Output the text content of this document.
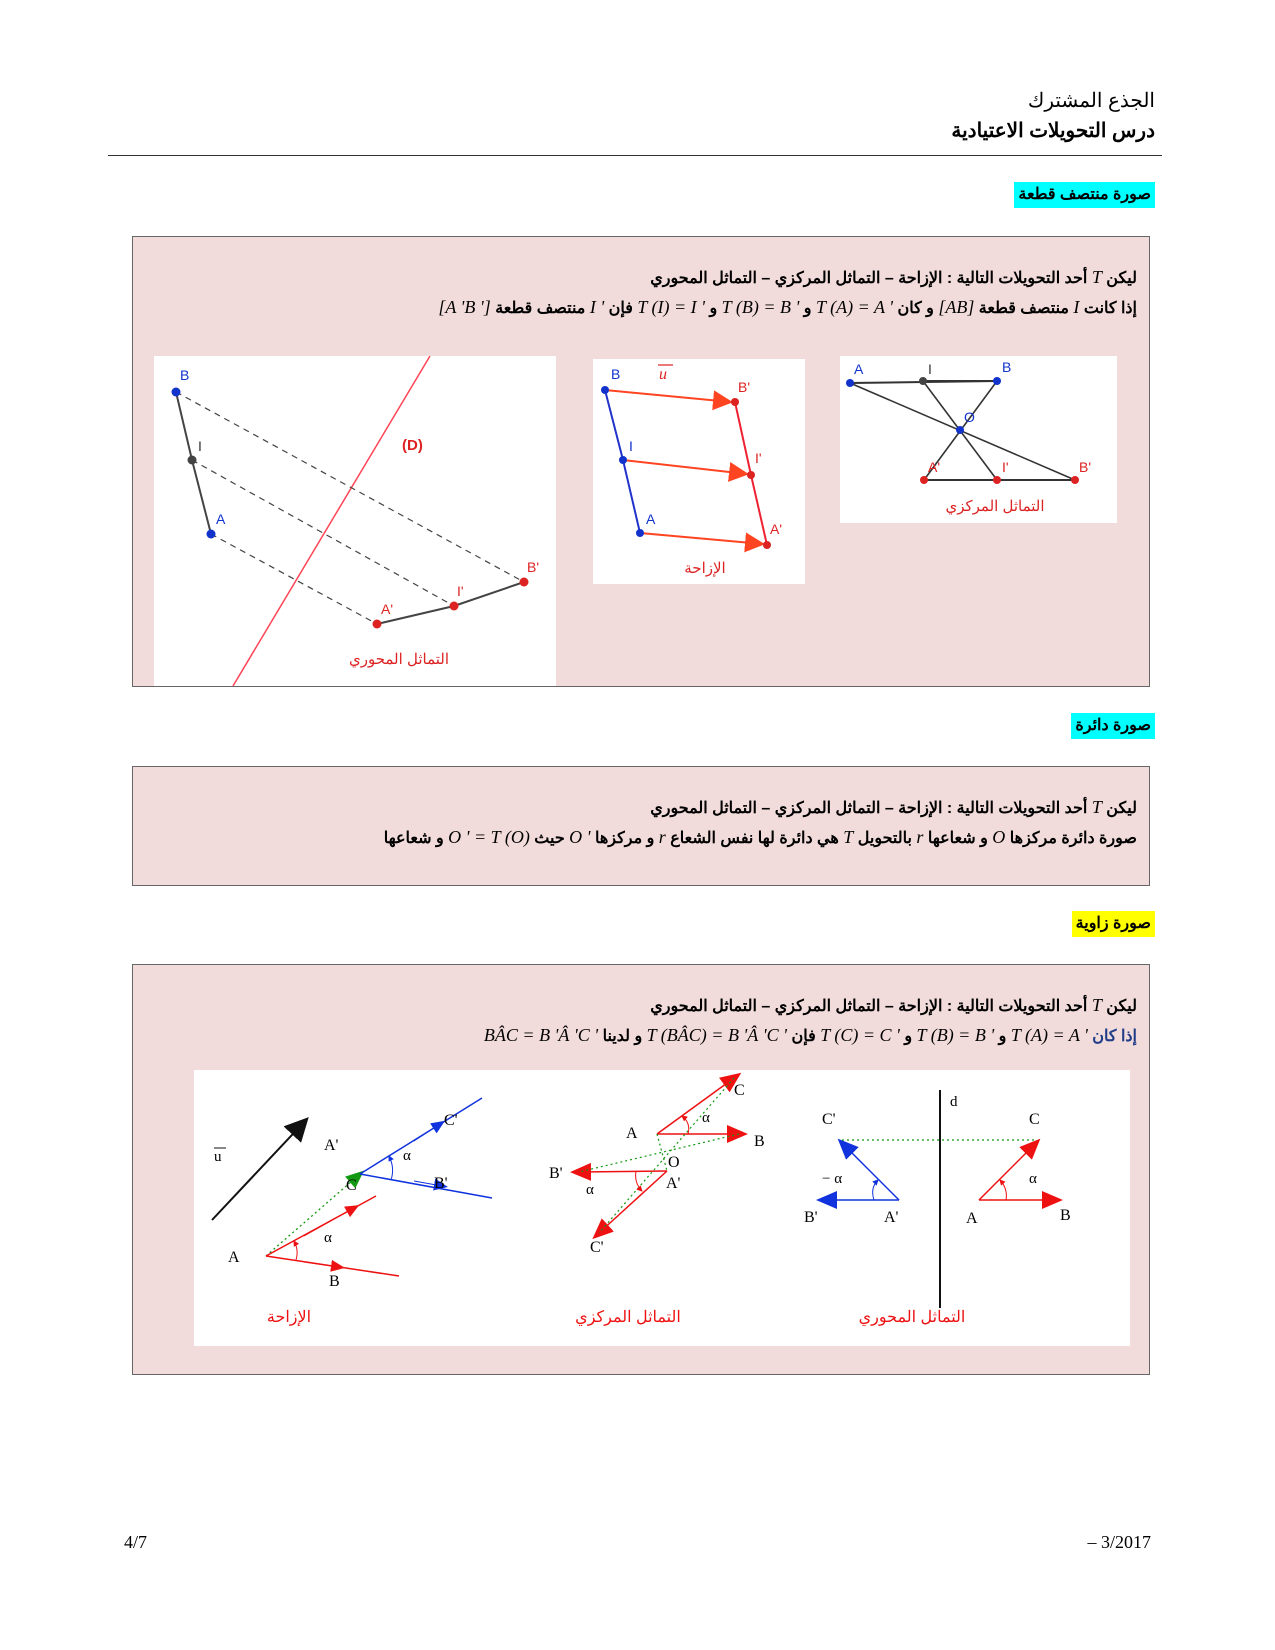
الجذع المشترك
درس التحويلات الاعتيادية
صورة منتصف قطعة
ليكن T أحد التحويلات التالية : الإزاحة – التماثل المركزي – التماثل المحوري
إذا كانت I منتصف قطعة [AB] و كان T (A) = A ' و T (B) = B ' و T (I) = I ' فإن I ' منتصف قطعة [A 'B ']
B
I
A
(D)
A'
I'
B'
التماثل المحوري
B
I
A
u
B'
I'
A'
الإزاحة
A	I	B
O
A'	I'	B'
التماثل المركزي
صورة دائرة
ليكن T أحد التحويلات التالية : الإزاحة – التماثل المركزي – التماثل المحوري
صورة دائرة مركزها O و شعاعها r بالتحويل T هي دائرة لها نفس الشعاع r و مركزها O ' حيث O ' = T (O) و شعاعها
صورة زاوية
ليكن T أحد التحويلات التالية : الإزاحة – التماثل المركزي – التماثل المحوري
إذا كان T (A) = A ' و T (B) = B ' و T (C) = C ' فإن T (BÂC) = B 'Â 'C ' و لدينا BÂC = B 'Â 'C '
u
A
B
C
α
A'
α
C'
B'
الإزاحة
C
A
α
B
O
B'
α	A'
C'
التماثل المركزي
d
C'	C
− α	α
B'	A'	A	B
التماثل المحوري
4/7	– 3/2017
